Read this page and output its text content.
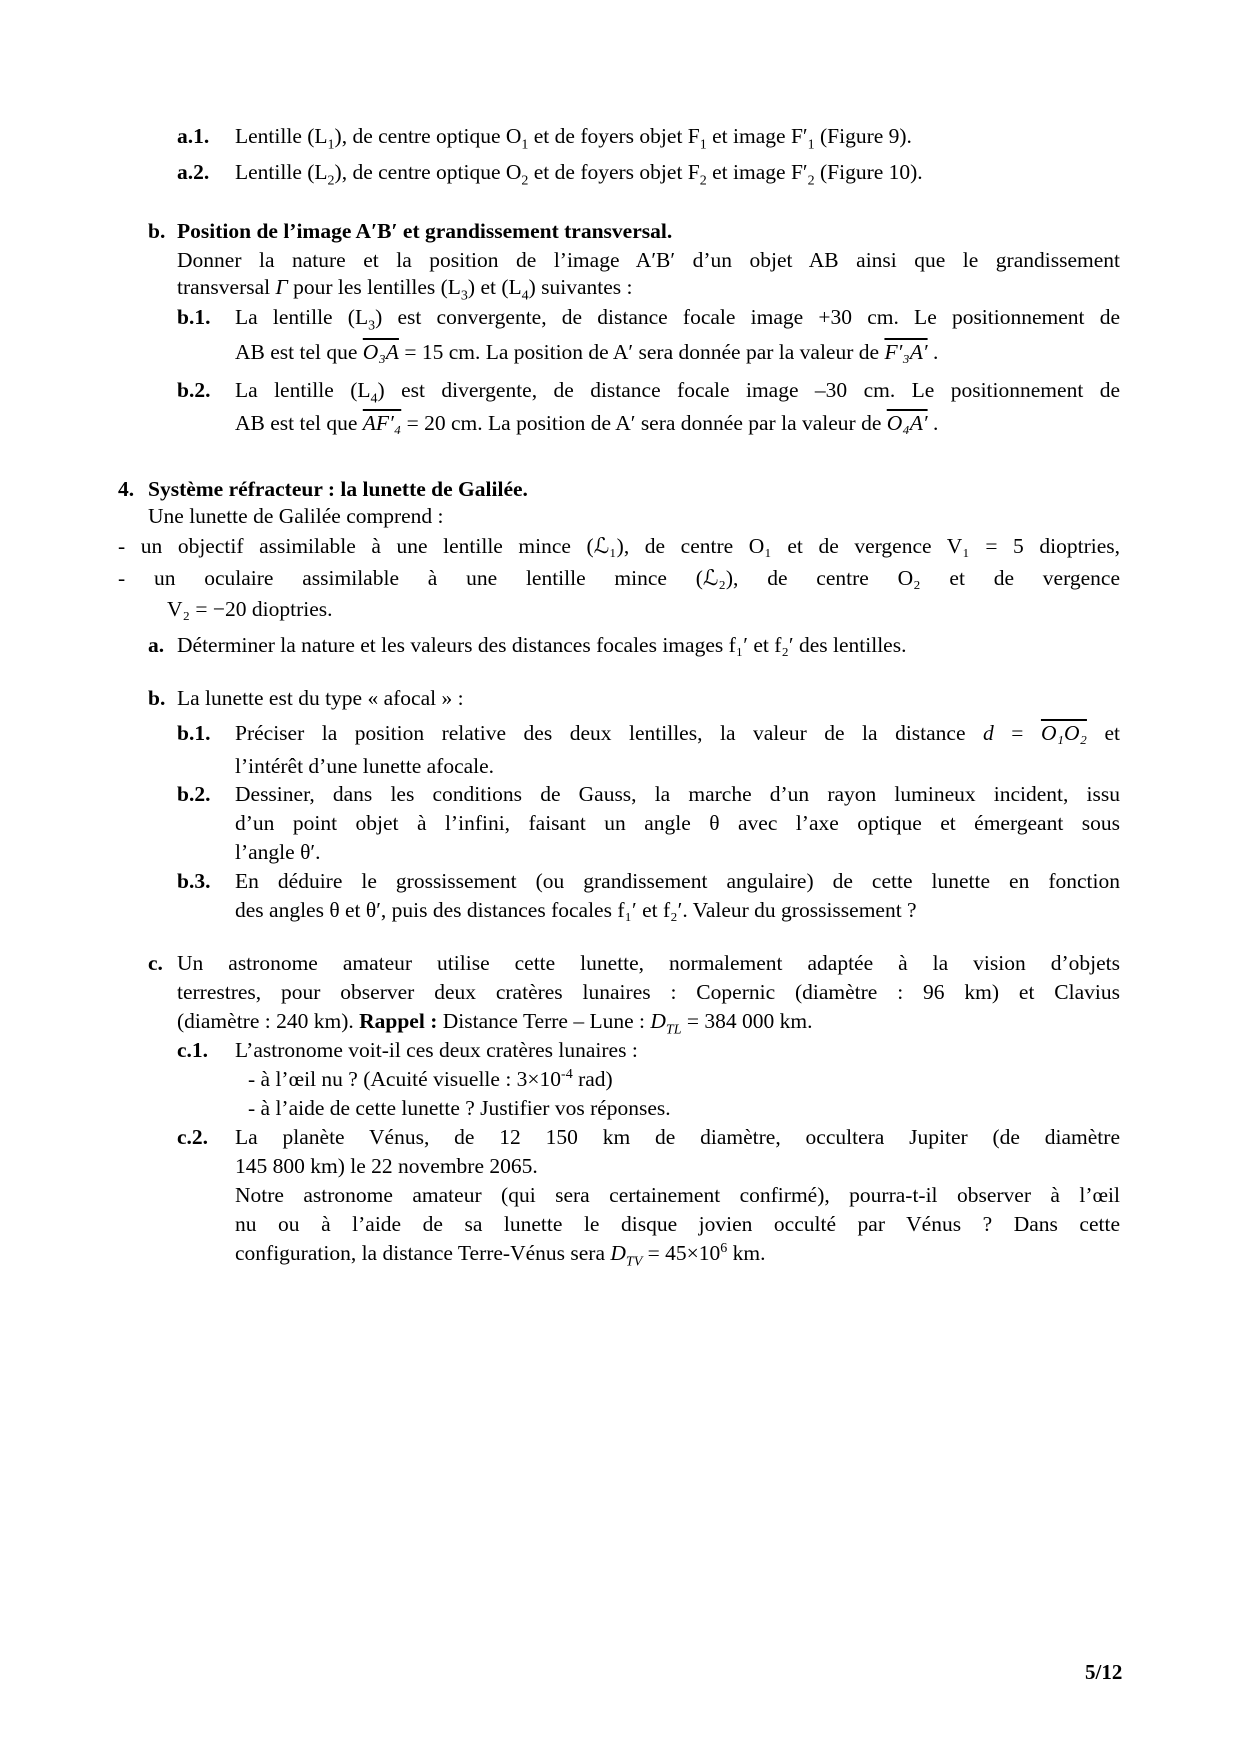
a.1. Lentille $(L_1)$, de centre optique $O_1$ et de foyers objet $F_1$ et image $F'_1$ (Figure 9).
a.2. Lentille $(L_2)$, de centre optique $O_2$ et de foyers objet $F_2$ et image $F'_2$ (Figure 10).
b. Position de l’image A′B′ et grandissement transversal.
Donner la nature et la position de l’image A′B′ d’un objet AB ainsi que le grandissement
transversal Γ pour les lentilles $(L_3)$ et $(L_4)$ suivantes :
b.1. La lentille $(L_3)$ est convergente, de distance focale image +30 cm. Le positionnement de
AB est tel que O₃A = 15 cm. La position de A′ sera donnée par la valeur de F′₃A′ .
b.2. La lentille $(L_4)$ est divergente, de distance focale image –30 cm. Le positionnement de
AB est tel que AF′₄ = 20 cm. La position de A′ sera donnée par la valeur de O₄A′ .
4. Système réfracteur : la lunette de Galilée.
Une lunette de Galilée comprend :
- un objectif assimilable à une lentille mince (ℒ₁), de centre O₁ et de vergence V₁ = 5 dioptries,
- un oculaire assimilable à une lentille mince (ℒ₂), de centre O₂ et de vergence
V₂ = −20 dioptries.
a. Déterminer la nature et les valeurs des distances focales images f₁′ et f₂′ des lentilles.
b. La lunette est du type « afocal » :
b.1. Préciser la position relative des deux lentilles, la valeur de la distance d = O₁O₂ et
l’intérêt d’une lunette afocale.
b.2. Dessiner, dans les conditions de Gauss, la marche d’un rayon lumineux incident, issu
d’un point objet à l’infini, faisant un angle θ avec l’axe optique et émergeant sous
l’angle θ′.
b.3. En déduire le grossissement (ou grandissement angulaire) de cette lunette en fonction
des angles θ et θ′, puis des distances focales f₁′ et f₂′. Valeur du grossissement ?
c. Un astronome amateur utilise cette lunette, normalement adaptée à la vision d’objets
terrestres, pour observer deux cratères lunaires : Copernic (diamètre : 96 km) et Clavius
(diamètre : 240 km). Rappel : Distance Terre – Lune : $D_{TL} = 384$ 000 km.
c.1. L’astronome voit-il ces deux cratères lunaires :
- à l’œil nu ? (Acuité visuelle : $3\times 10^{-4}$ rad)
- à l’aide de cette lunette ? Justifier vos réponses.
c.2. La planète Vénus, de 12 150 km de diamètre, occultera Jupiter (de diamètre
145 800 km) le 22 novembre 2065.
Notre astronome amateur (qui sera certainement confirmé), pourra-t-il observer à l’œil
nu ou à l’aide de sa lunette le disque jovien occulté par Vénus ? Dans cette
configuration, la distance Terre-Vénus sera $D_{TV} = 45\times 10^6$ km.
5/12
